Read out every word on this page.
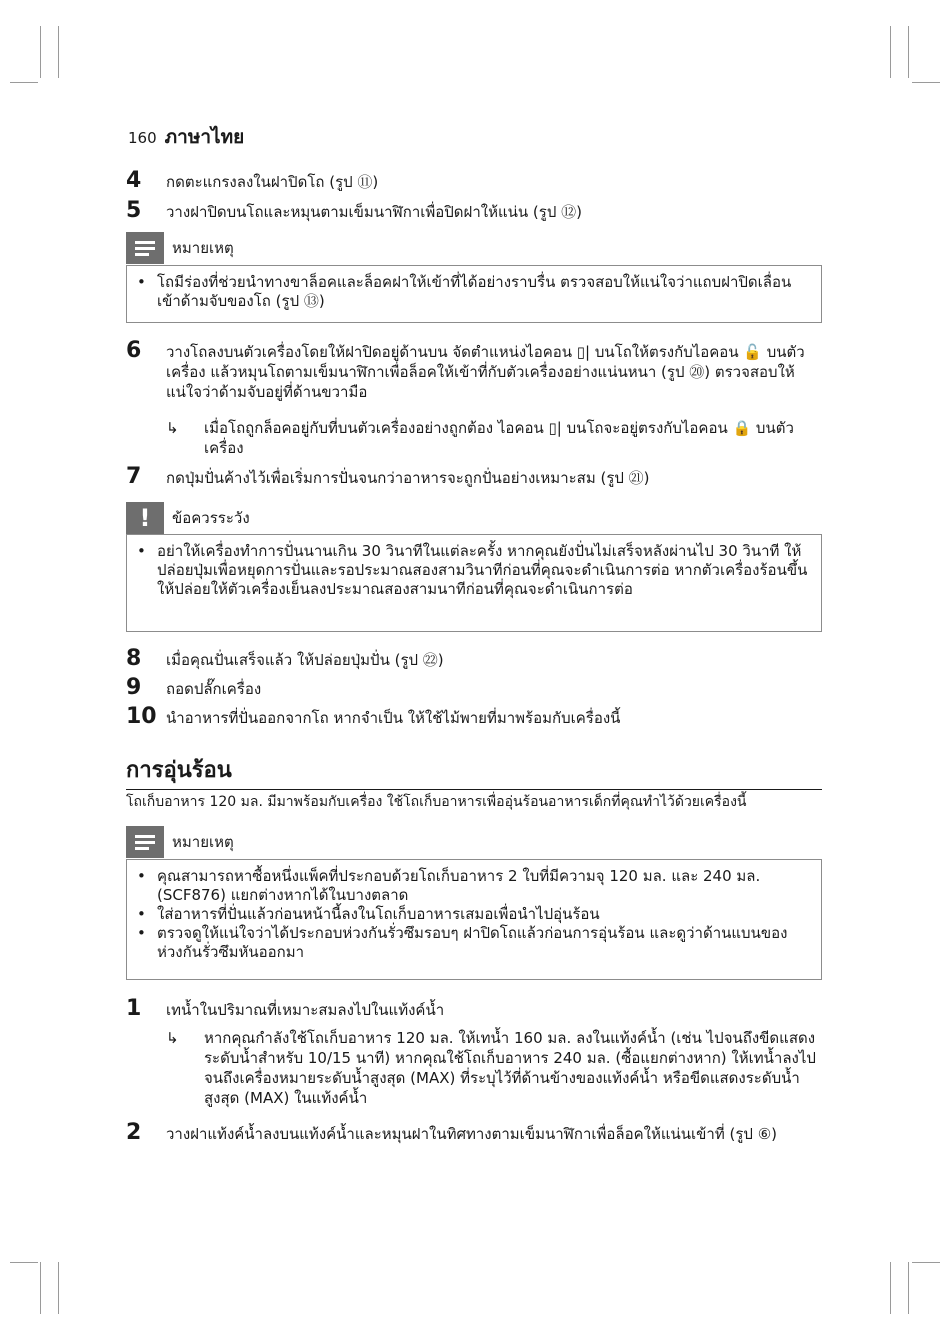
160 ภาษาไทย
4	กดตะแกรงลงในฝาปิดโถ (รูป ⑪)
5	วางฝาปิดบนโถและหมุนตามเข็มนาฬิกาเพื่อปิดฝาให้แน่น (รูป ⑫)
หมายเหตุ
• โถมีร่องที่ช่วยนำทางขาล็อคและล็อคฝาให้เข้าที่ได้อย่างราบรื่น ตรวจสอบให้แน่ใจว่าแถบฝาปิดเลื่อนเข้าด้ามจับของโถ (รูป ⑬)
6	วางโถลงบนตัวเครื่องโดยให้ฝาปิดอยู่ด้านบน จัดตำแหน่งไอคอน ▯| บนโถให้ตรงกับไอคอน 🔓 บนตัวเครื่อง แล้วหมุนโถตามเข็มนาฬิกาเพื่อล็อคให้เข้าที่กับตัวเครื่องอย่างแน่นหนา (รูป ⑳) ตรวจสอบให้แน่ใจว่าด้ามจับอยู่ที่ด้านขวามือ
↳	เมื่อโถถูกล็อคอยู่กับที่บนตัวเครื่องอย่างถูกต้อง ไอคอน ▯| บนโถจะอยู่ตรงกับไอคอน 🔒 บนตัวเครื่อง
7	กดปุ่มปั่นค้างไว้เพื่อเริ่มการปั่นจนกว่าอาหารจะถูกปั่นอย่างเหมาะสม (รูป ㉑)
! ข้อควรระวัง
• อย่าให้เครื่องทำการปั่นนานเกิน 30 วินาทีในแต่ละครั้ง หากคุณยังปั่นไม่เสร็จหลังผ่านไป 30 วินาที ให้ปล่อยปุ่มเพื่อหยุดการปั่นและรอประมาณสองสามวินาทีก่อนที่คุณจะดำเนินการต่อ หากตัวเครื่องร้อนขึ้น ให้ปล่อยให้ตัวเครื่องเย็นลงประมาณสองสามนาทีก่อนที่คุณจะดำเนินการต่อ
8	เมื่อคุณปั่นเสร็จแล้ว ให้ปล่อยปุ่มปั่น (รูป ㉒)
9	ถอดปลั๊กเครื่อง
10 นำอาหารที่ปั่นออกจากโถ หากจำเป็น ให้ใช้ไม้พายที่มาพร้อมกับเครื่องนี้
การอุ่นร้อน
โถเก็บอาหาร 120 มล. มีมาพร้อมกับเครื่อง ใช้โถเก็บอาหารเพื่ออุ่นร้อนอาหารเด็กที่คุณทำไว้ด้วยเครื่องนี้
หมายเหตุ
• คุณสามารถหาซื้อหนึ่งแพ็คที่ประกอบด้วยโถเก็บอาหาร 2 ใบที่มีความจุ 120 มล. และ 240 มล. (SCF876) แยกต่างหากได้ในบางตลาด
• ใส่อาหารที่ปั่นแล้วก่อนหน้านี้ลงในโถเก็บอาหารเสมอเพื่อนำไปอุ่นร้อน
• ตรวจดูให้แน่ใจว่าได้ประกอบห่วงกันรั่วซึมรอบๆ ฝาปิดโถแล้วก่อนการอุ่นร้อน และดูว่าด้านแบนของห่วงกันรั่วซึมหันออกมา
1	เทน้ำในปริมาณที่เหมาะสมลงไปในแท้งค์น้ำ
↳	หากคุณกำลังใช้โถเก็บอาหาร 120 มล. ให้เทน้ำ 160 มล. ลงในแท้งค์น้ำ (เช่น ไปจนถึงขีดแสดงระดับน้ำสำหรับ 10/15 นาที) หากคุณใช้โถเก็บอาหาร 240 มล. (ซื้อแยกต่างหาก) ให้เทน้ำลงไปจนถึงเครื่องหมายระดับน้ำสูงสุด (MAX) ที่ระบุไว้ที่ด้านข้างของแท้งค์น้ำ หรือขีดแสดงระดับน้ำสูงสุด (MAX) ในแท้งค์น้ำ
2	วางฝาแท้งค์น้ำลงบนแท้งค์น้ำและหมุนฝาในทิศทางตามเข็มนาฬิกาเพื่อล็อคให้แน่นเข้าที่ (รูป ⑥)
